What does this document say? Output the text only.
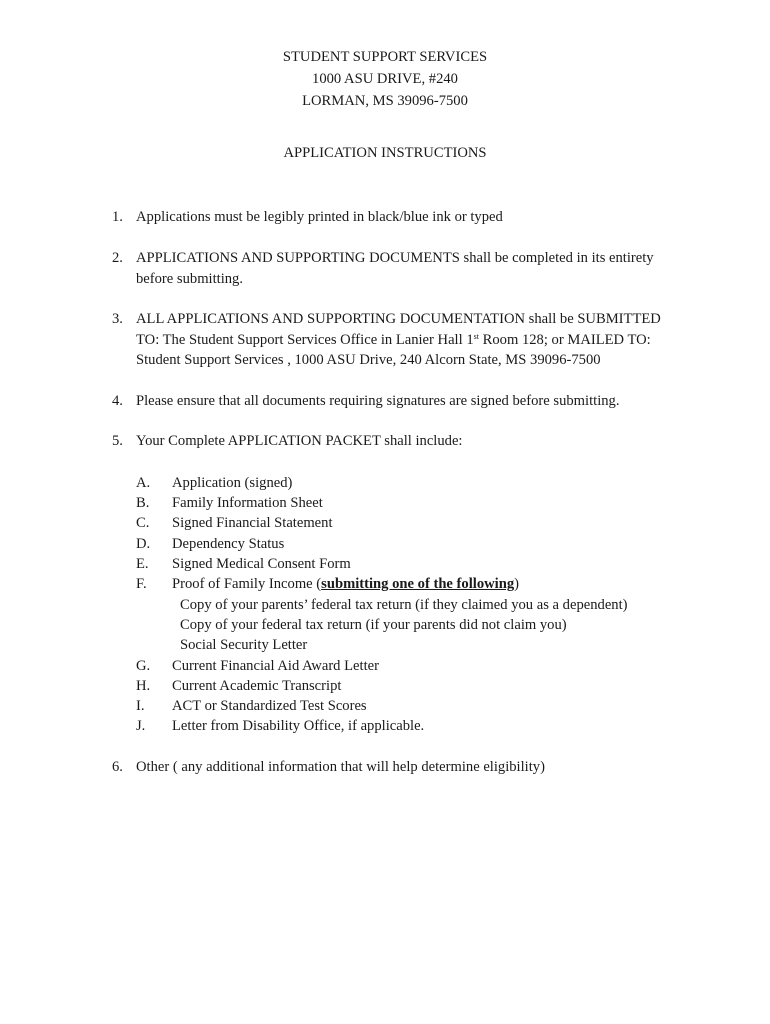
STUDENT SUPPORT SERVICES
1000 ASU DRIVE, #240
LORMAN, MS 39096-7500
APPLICATION INSTRUCTIONS
1. Applications must be legibly printed in black/blue ink or typed
2. APPLICATIONS AND SUPPORTING DOCUMENTS shall be completed in its entirety
before submitting.
3. ALL APPLICATIONS AND SUPPORTING DOCUMENTATION shall be SUBMITTED
TO: The Student Support Services Office in Lanier Hall 1st Room 128; or MAILED TO:
Student Support Services , 1000 ASU Drive, 240 Alcorn State, MS 39096-7500
4. Please ensure that all documents requiring signatures are signed before submitting.
5. Your Complete APPLICATION PACKET shall include:
A. Application (signed)
B. Family Information Sheet
C. Signed Financial Statement
D. Dependency Status
E. Signed Medical Consent Form
F. Proof of Family Income (submitting one of the following)
Copy of your parents’ federal tax return (if they claimed you as a dependent)
Copy of your federal tax return (if your parents did not claim you)
Social Security Letter
G. Current Financial Aid Award Letter
H. Current Academic Transcript
I. ACT or Standardized Test Scores
J. Letter from Disability Office, if applicable.
6. Other ( any additional information that will help determine eligibility)
